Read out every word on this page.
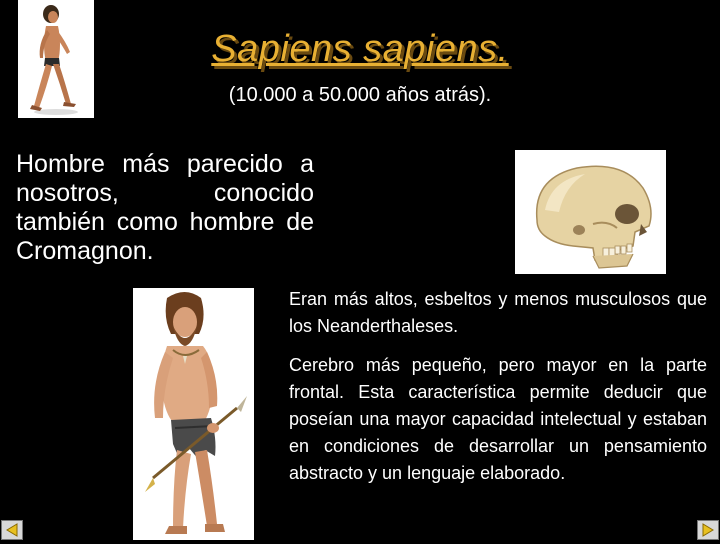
Sapiens sapiens.
(10.000 a 50.000 años atrás).
Hombre más parecido a nosotros, conocido también como hombre de Cromagnon.
Eran más altos, esbeltos y menos musculosos que los Neanderthaleses.
Cerebro más pequeño, pero mayor en la parte frontal. Esta característica permite deducir que poseían una mayor capacidad intelectual y estaban en condiciones de desarrollar un pensamiento abstracto y un lenguaje elaborado.
